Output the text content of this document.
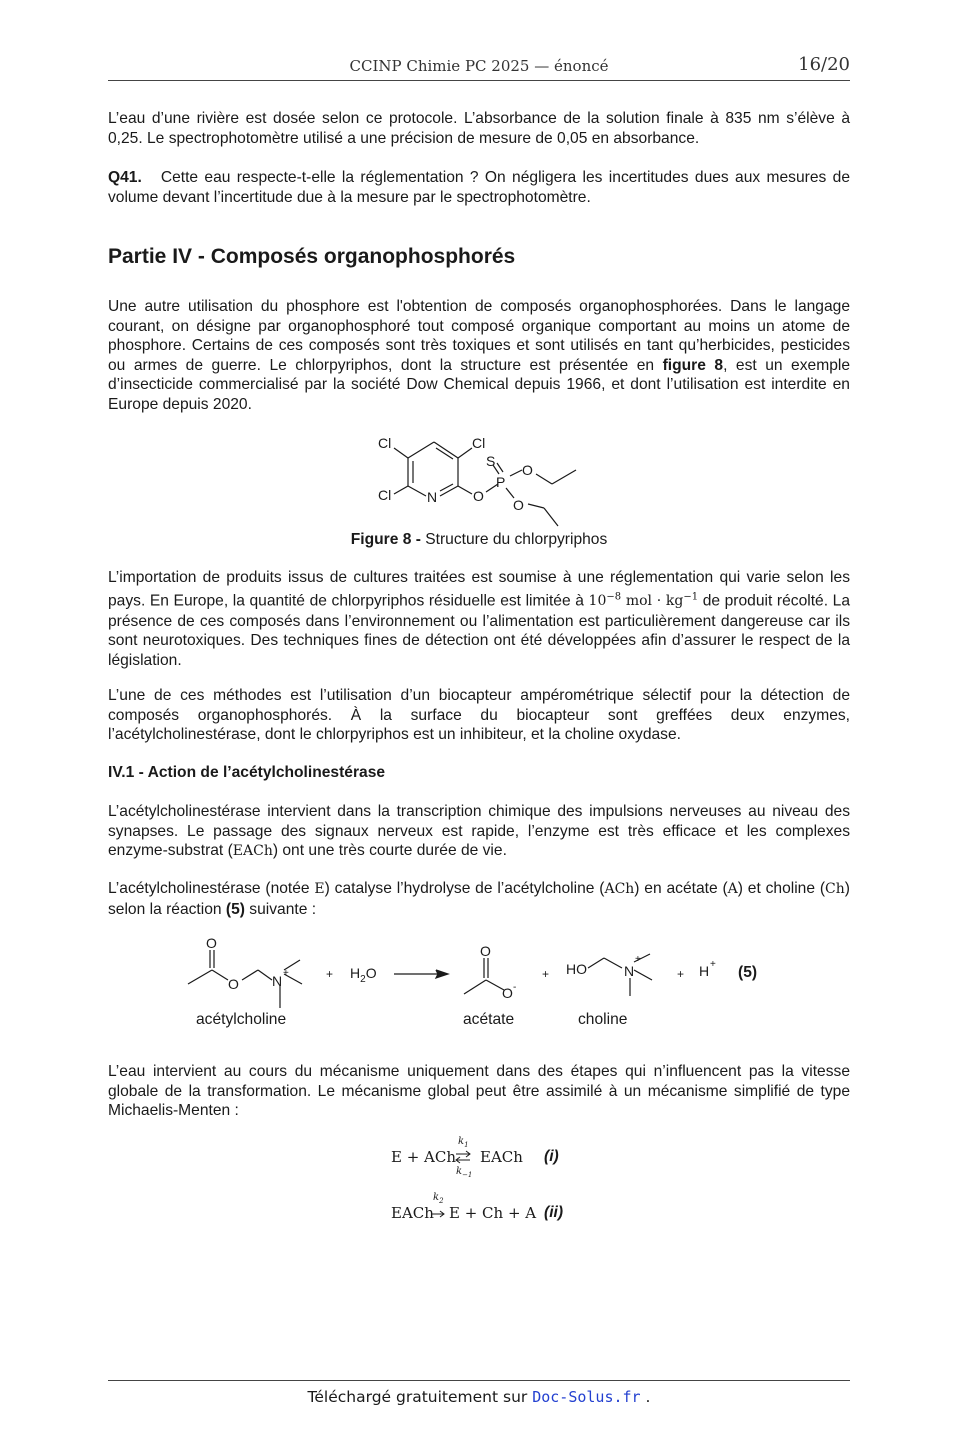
CCINP Chimie PC 2025 — énoncé	16/20
L’eau d’une rivière est dosée selon ce protocole. L’absorbance de la solution finale à 835 nm s’élève à 0,25. Le spectrophotomètre utilisé a une précision de mesure de 0,05 en absorbance.
Q41. Cette eau respecte-t-elle la réglementation ? On négligera les incertitudes dues aux mesures de volume devant l’incertitude due à la mesure par le spectrophotomètre.
Partie IV - Composés organophosphorés
Une autre utilisation du phosphore est l'obtention de composés organophosphorées. Dans le langage courant, on désigne par organophosphoré tout composé organique comportant au moins un atome de phosphore. Certains de ces composés sont très toxiques et sont utilisés en tant qu’herbicides, pesticides ou armes de guerre. Le chlorpyriphos, dont la structure est présentée en figure 8, est un exemple d’insecticide commercialisé par la société Dow Chemical depuis 1966, et dont l’utilisation est interdite en Europe depuis 2020.
Cl	Cl
Cl	N	O
P
S
O
O
Figure 8 - Structure du chlorpyriphos
L’importation de produits issus de cultures traitées est soumise à une réglementation qui varie selon les pays. En Europe, la quantité de chlorpyriphos résiduelle est limitée à $10^{-8}$ mol · $kg^{-1}$ de produit récolté. La présence de ces composés dans l’environnement ou l’alimentation est particulièrement dangereuse car ils sont neurotoxiques. Des techniques fines de détection ont été développées afin d’assurer le respect de la législation.
L’une de ces méthodes est l’utilisation d’un biocapteur ampérométrique sélectif pour la détection de composés organophosphorés. À la surface du biocapteur sont greffées deux enzymes, l’acétylcholinestérase, dont le chlorpyriphos est un inhibiteur, et la choline oxydase.
IV.1 - Action de l’acétylcholinestérase
L’acétylcholinestérase intervient dans la transcription chimique des impulsions nerveuses au niveau des synapses. Le passage des signaux nerveux est rapide, l’enzyme est très efficace et les complexes enzyme-substrat (EACh) ont une très courte durée de vie.
L’acétylcholinestérase (notée E) catalyse l’hydrolyse de l’acétylcholine (ACh) en acétate (A) et choline (Ch) selon la réaction (5) suivante :
O
O N +	+ $H_2O$
O
O -
+ HO	N
+
+ H + (5)
acétylcholine	acétate	choline
L’eau intervient au cours du mécanisme uniquement dans des étapes qui n’influencent pas la vitesse globale de la transformation. Le mécanisme global peut être assimilé à un mécanisme simplifié de type Michaelis-Menten :
E + ACh
$k_1$
$k_{-1}$
EACh (i)
EACh
$k_2$
E + Ch + A (ii)
Téléchargé gratuitement sur Doc-Solus.fr .
